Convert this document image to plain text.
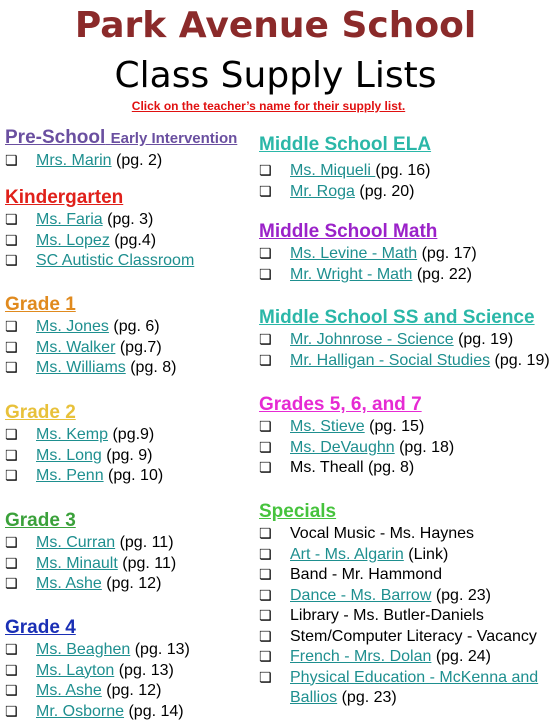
Park Avenue School
Class Supply Lists
Click on the teacher’s name for their supply list.
Pre-School Early Intervention
❏ Mrs. Marin (pg. 2)
Kindergarten
❏ Ms. Faria (pg. 3)
❏ Ms. Lopez (pg.4)
❏ SC Autistic Classroom
Grade 1
❏ Ms. Jones (pg. 6)
❏ Ms. Walker (pg.7)
❏ Ms. Williams (pg. 8)
Grade 2
❏ Ms. Kemp (pg.9)
❏ Ms. Long (pg. 9)
❏ Ms. Penn (pg. 10)
Grade 3
❏ Ms. Curran (pg. 11)
❏ Ms. Minault (pg. 11)
❏ Ms. Ashe (pg. 12)
Grade 4
❏ Ms. Beaghen (pg. 13)
❏ Ms. Layton (pg. 13)
❏ Ms. Ashe (pg. 12)
❏ Mr. Osborne (pg. 14)
Middle School ELA
❏ Ms. Miqueli (pg. 16)
❏ Mr. Roga (pg. 20)
Middle School Math
❏ Ms. Levine - Math (pg. 17)
❏ Mr. Wright - Math (pg. 22)
Middle School SS and Science
❏ Mr. Johnrose - Science (pg. 19)
❏ Mr. Halligan - Social Studies (pg. 19)
Grades 5, 6, and 7
❏ Ms. Stieve (pg. 15)
❏ Ms. DeVaughn (pg. 18)
❏ Ms. Theall (pg. 8)
Specials
❏ Vocal Music - Ms. Haynes
❏ Art - Ms. Algarin (Link)
❏ Band - Mr. Hammond
❏ Dance - Ms. Barrow (pg. 23)
❏ Library - Ms. Butler-Daniels
❏ Stem/Computer Literacy - Vacancy
❏ French - Mrs. Dolan (pg. 24)
❏ Physical Education - McKenna and Ballios (pg. 23)
